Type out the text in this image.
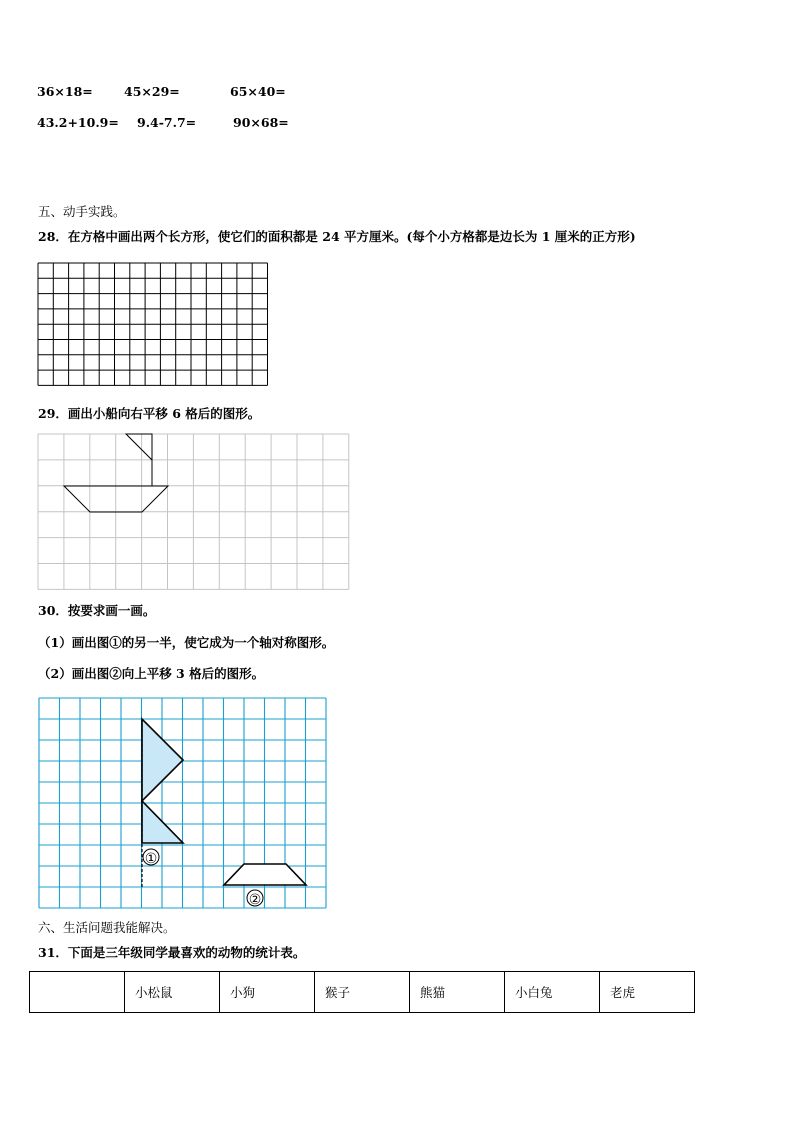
36×18=	45×29=	65×40=
43.2+10.9= 9.4-7.7=	90×68=
五、动手实践。
28．在方格中画出两个长方形，使它们的面积都是 24 平方厘米。(每个小方格都是边长为 1 厘米的正方形)
29．画出小船向右平移 6 格后的图形。
30．按要求画一画。
（1）画出图①的另一半，使它成为一个轴对称图形。
（2）画出图②向上平移 3 格后的图形。
①
②
六、生活问题我能解决。
31．下面是三年级同学最喜欢的动物的统计表。
	小松鼠	小狗	猴子	熊猫	小白兔	老虎
